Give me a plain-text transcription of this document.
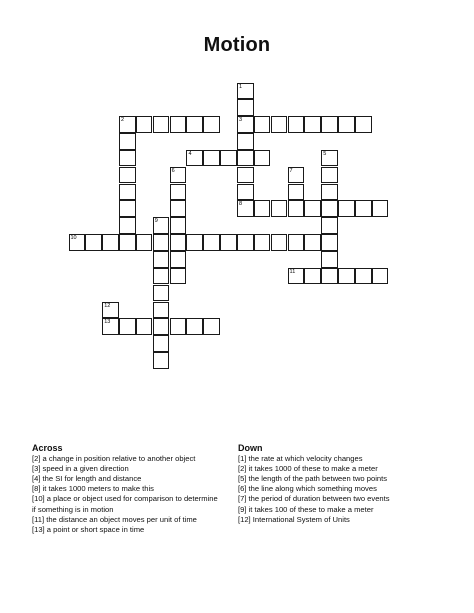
Motion
1
3
2
4	5
6	7
8
9
10
11
12
13
Across
[2] a change in position relative to another object
[3] speed in a given direction
[4] the SI for length and distance
[8] it takes 1000 meters to make this
[10] a place or object used for comparison to determine
if something is in motion
[11] the distance an object moves per unit of time
[13] a point or short space in time
Down
[1] the rate at which velocity changes
[2] it takes 1000 of these to make a meter
[5] the length of the path between two points
[6] the line along which something moves
[7] the period of duration between two events
[9] it takes 100 of these to make a meter
[12] International System of Units
